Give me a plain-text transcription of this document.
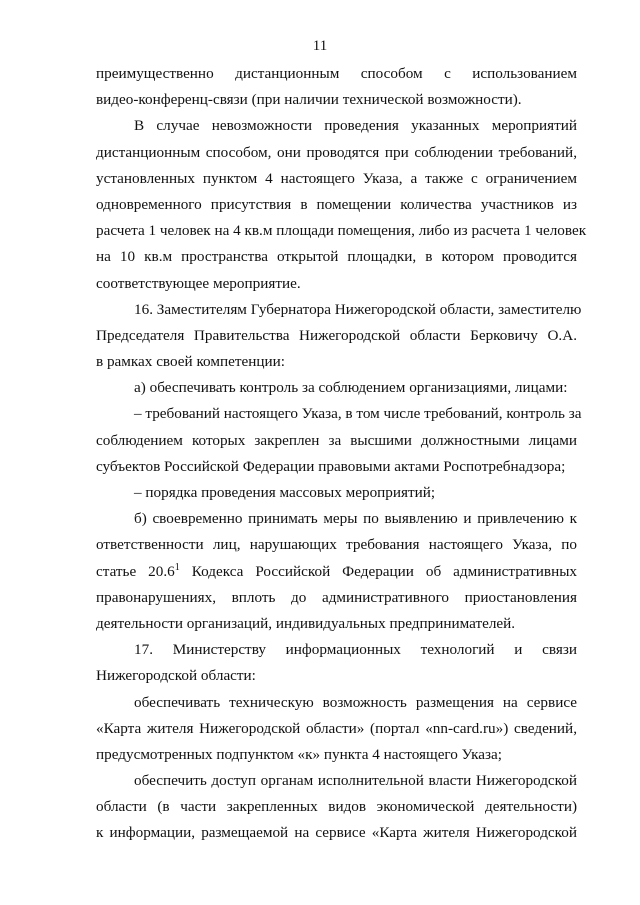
11
преимущественно дистанционным способом с использованием
видео-конференц-связи (при наличии технической возможности).
В случае невозможности проведения указанных мероприятий
дистанционным способом, они проводятся при соблюдении требований,
установленных пунктом 4 настоящего Указа, а также с ограничением
одновременного присутствия в помещении количества участников из
расчета 1 человек на 4 кв.м площади помещения, либо из расчета 1 человек
на 10 кв.м пространства открытой площадки, в котором проводится
соответствующее мероприятие.
16. Заместителям Губернатора Нижегородской области, заместителю
Председателя Правительства Нижегородской области Берковичу О.А.
в рамках своей компетенции:
а) обеспечивать контроль за соблюдением организациями, лицами:
– требований настоящего Указа, в том числе требований, контроль за
соблюдением которых закреплен за высшими должностными лицами
субъектов Российской Федерации правовыми актами Роспотребнадзора;
– порядка проведения массовых мероприятий;
б) своевременно принимать меры по выявлению и привлечению к
ответственности лиц, нарушающих требования настоящего Указа, по
статье 20.6$^1$ Кодекса Российской Федерации об административных
правонарушениях, вплоть до административного приостановления
деятельности организаций, индивидуальных предпринимателей.
17. Министерству информационных технологий и связи
Нижегородской области:
обеспечивать техническую возможность размещения на сервисе
«Карта жителя Нижегородской области» (портал «nn-card.ru») сведений,
предусмотренных подпунктом «к» пункта 4 настоящего Указа;
обеспечить доступ органам исполнительной власти Нижегородской
области (в части закрепленных видов экономической деятельности)
к информации, размещаемой на сервисе «Карта жителя Нижегородской
